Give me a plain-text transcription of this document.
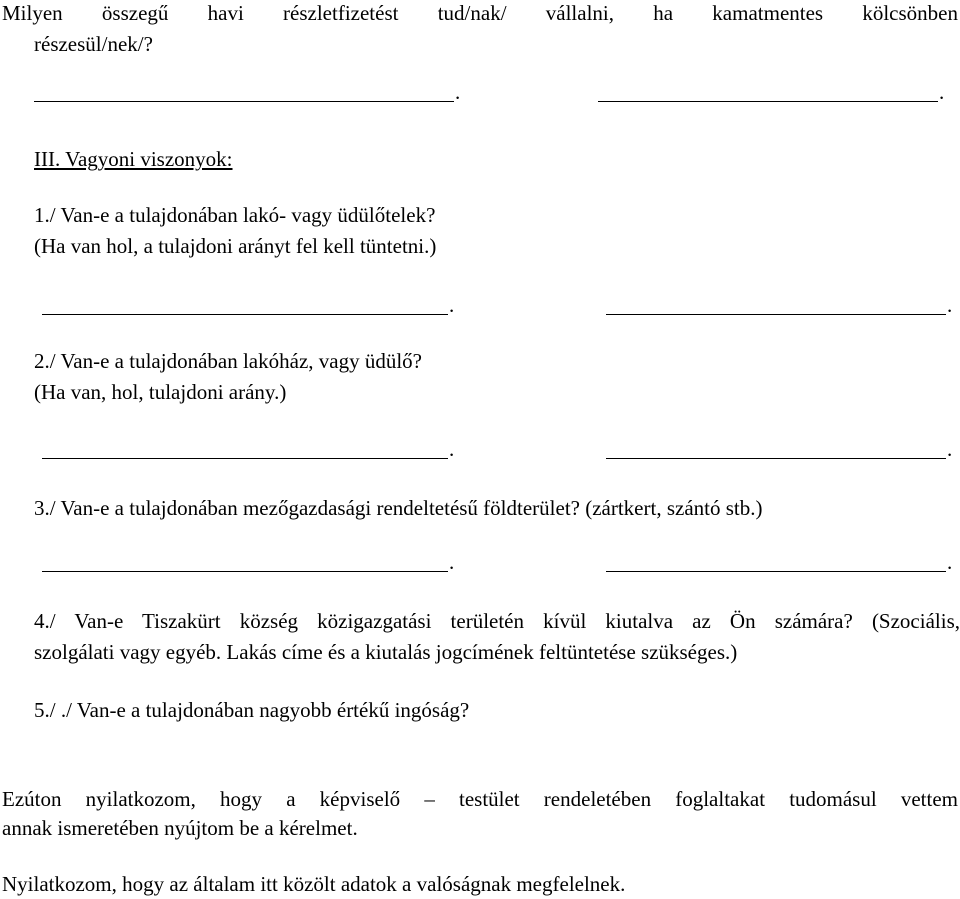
Milyen összegű havi részletfizetést tud/nak/ vállalni, ha kamatmentes kölcsönben
részesül/nek/?
.	.
III. Vagyoni viszonyok:
1./ Van-e a tulajdonában lakó- vagy üdülőtelek?
(Ha van hol, a tulajdoni arányt fel kell tüntetni.)
.	.
2./ Van-e a tulajdonában lakóház, vagy üdülő?
(Ha van, hol, tulajdoni arány.)
.	.
3./ Van-e a tulajdonában mezőgazdasági rendeltetésű földterület? (zártkert, szántó stb.)
.	.
4./ Van-e Tiszakürt község közigazgatási területén kívül kiutalva az Ön számára? (Szociális,
szolgálati vagy egyéb. Lakás címe és a kiutalás jogcímének feltüntetése szükséges.)
5./ ./ Van-e a tulajdonában nagyobb értékű ingóság?
Ezúton nyilatkozom, hogy a képviselő – testület rendeletében foglaltakat tudomásul vettem
annak ismeretében nyújtom be a kérelmet.
Nyilatkozom, hogy az általam itt közölt adatok a valóságnak megfelelnek.
